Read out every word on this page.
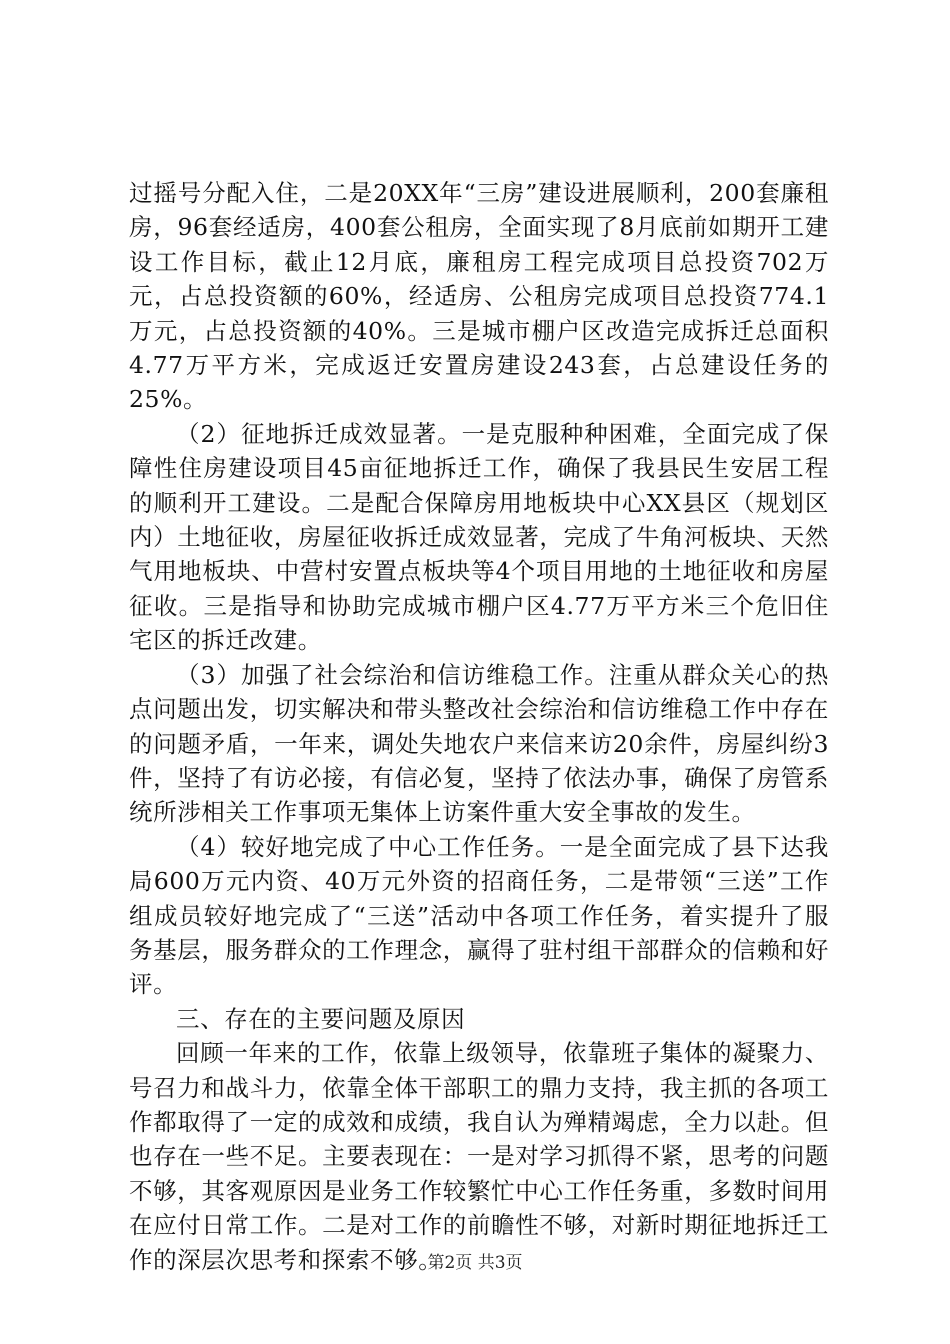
过摇号分配入住，二是20XX年“三房”建设进展顺利，200套廉租房，96套经适房，400套公租房，全面实现了8月底前如期开工建设工作目标，截止12月底，廉租房工程完成项目总投资702万元，占总投资额的60%，经适房、公租房完成项目总投资774.1万元，占总投资额的40%。三是城市棚户区改造完成拆迁总面积4.77万平方米，完成返迁安置房建设243套，占总建设任务的25%。

（2）征地拆迁成效显著。一是克服种种困难，全面完成了保障性住房建设项目45亩征地拆迁工作，确保了我县民生安居工程的顺利开工建设。二是配合保障房用地板块中心XX县区（规划区内）土地征收，房屋征收拆迁成效显著，完成了牛角河板块、天然气用地板块、中营村安置点板块等4个项目用地的土地征收和房屋征收。三是指导和协助完成城市棚户区4.77万平方米三个危旧住宅区的拆迁改建。

（3）加强了社会综治和信访维稳工作。注重从群众关心的热点问题出发，切实解决和带头整改社会综治和信访维稳工作中存在的问题矛盾，一年来，调处失地农户来信来访20余件，房屋纠纷3件，坚持了有访必接，有信必复，坚持了依法办事，确保了房管系统所涉相关工作事项无集体上访案件重大安全事故的发生。

（4）较好地完成了中心工作任务。一是全面完成了县下达我局600万元内资、40万元外资的招商任务，二是带领“三送”工作组成员较好地完成了“三送”活动中各项工作任务，着实提升了服务基层，服务群众的工作理念，赢得了驻村组干部群众的信赖和好评。

三、存在的主要问题及原因

回顾一年来的工作，依靠上级领导，依靠班子集体的凝聚力、号召力和战斗力，依靠全体干部职工的鼎力支持，我主抓的各项工作都取得了一定的成效和成绩，我自认为殚精竭虑，全力以赴。但也存在一些不足。主要表现在：一是对学习抓得不紧，思考的问题不够，其客观原因是业务工作较繁忙中心工作任务重，多数时间用在应付日常工作。二是对工作的前瞻性不够，对新时期征地拆迁工作的深层次思考和探索不够。

第2页 共3页
